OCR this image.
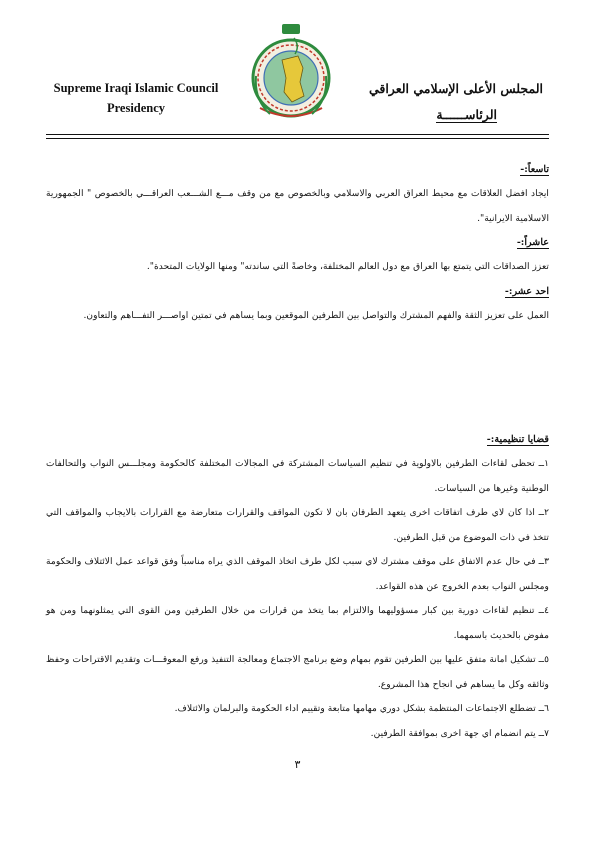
Supreme Iraqi Islamic Council
Presidency
المجلس الأعلى الإسلامي العراقي
الرئاســــــة
تاسعاً:-

ايجاد افضل العلاقات مع محيط العراق العربي والاسلامي وبالخصوص مع من وقف مـــع الشـــعب العراقـــي بالخصوص " الجمهورية الاسلامية الايرانية".

عاشراً:-

تعزز الصداقات التي يتمتع بها العراق مع دول العالم المختلفة، وخاصةً التي ساندته" ومنها الولايات المتحدة".

احد عشر:-

العمل على تعزيز الثقة والفهم المشترك والتواصل بين الطرفين الموقعين وبما يساهم في تمتين اواصـــر التفـــاهم والتعاون.

قضايا تنظيمية:-

١ــ تحظى لقاءات الطرفين بالاولوية في تنظيم السياسات المشتركة في المجالات المختلفة كالحكومة ومجلـــس النواب والتحالفات الوطنية وغيرها من السياسات.

٢ــ اذا كان لاي طرف اتفاقات اخرى يتعهد الطرفان بان لا تكون المواقف والقرارات متعارضة مع القرارات بالايجاب والمواقف التي تتخذ في ذات الموضوع من قبل الطرفين.

٣ــ في حال عدم الاتفاق على موقف مشترك لاي سبب لكل طرف اتخاذ الموقف الذي يراه مناسباً وفق قواعد عمل الائتلاف والحكومة ومجلس النواب بعدم الخروج عن هذه القواعد.

٤ــ تنظيم لقاءات دورية بين كبار مسؤوليهما والالتزام بما يتخذ من قرارات من خلال الطرفين ومن القوى التي يمثلونهما ومن هو مفوض بالحديث باسمهما.

٥ــ تشكيل امانة متفق عليها بين الطرفين تقوم بمهام وضع برنامج الاجتماع ومعالجة التنفيذ ورفع المعوقـــات وتقديم الاقتراحات وحفظ وثائقه وكل ما يساهم في انجاح هذا المشروع.

٦ــ تضطلع الاجتماعات المنتظمة بشكل دوري مهامها متابعة وتقييم اداء الحكومة والبرلمان والائتلاف.

٧ــ يتم انضمام اي جهة اخرى بموافقة الطرفين.

٣
